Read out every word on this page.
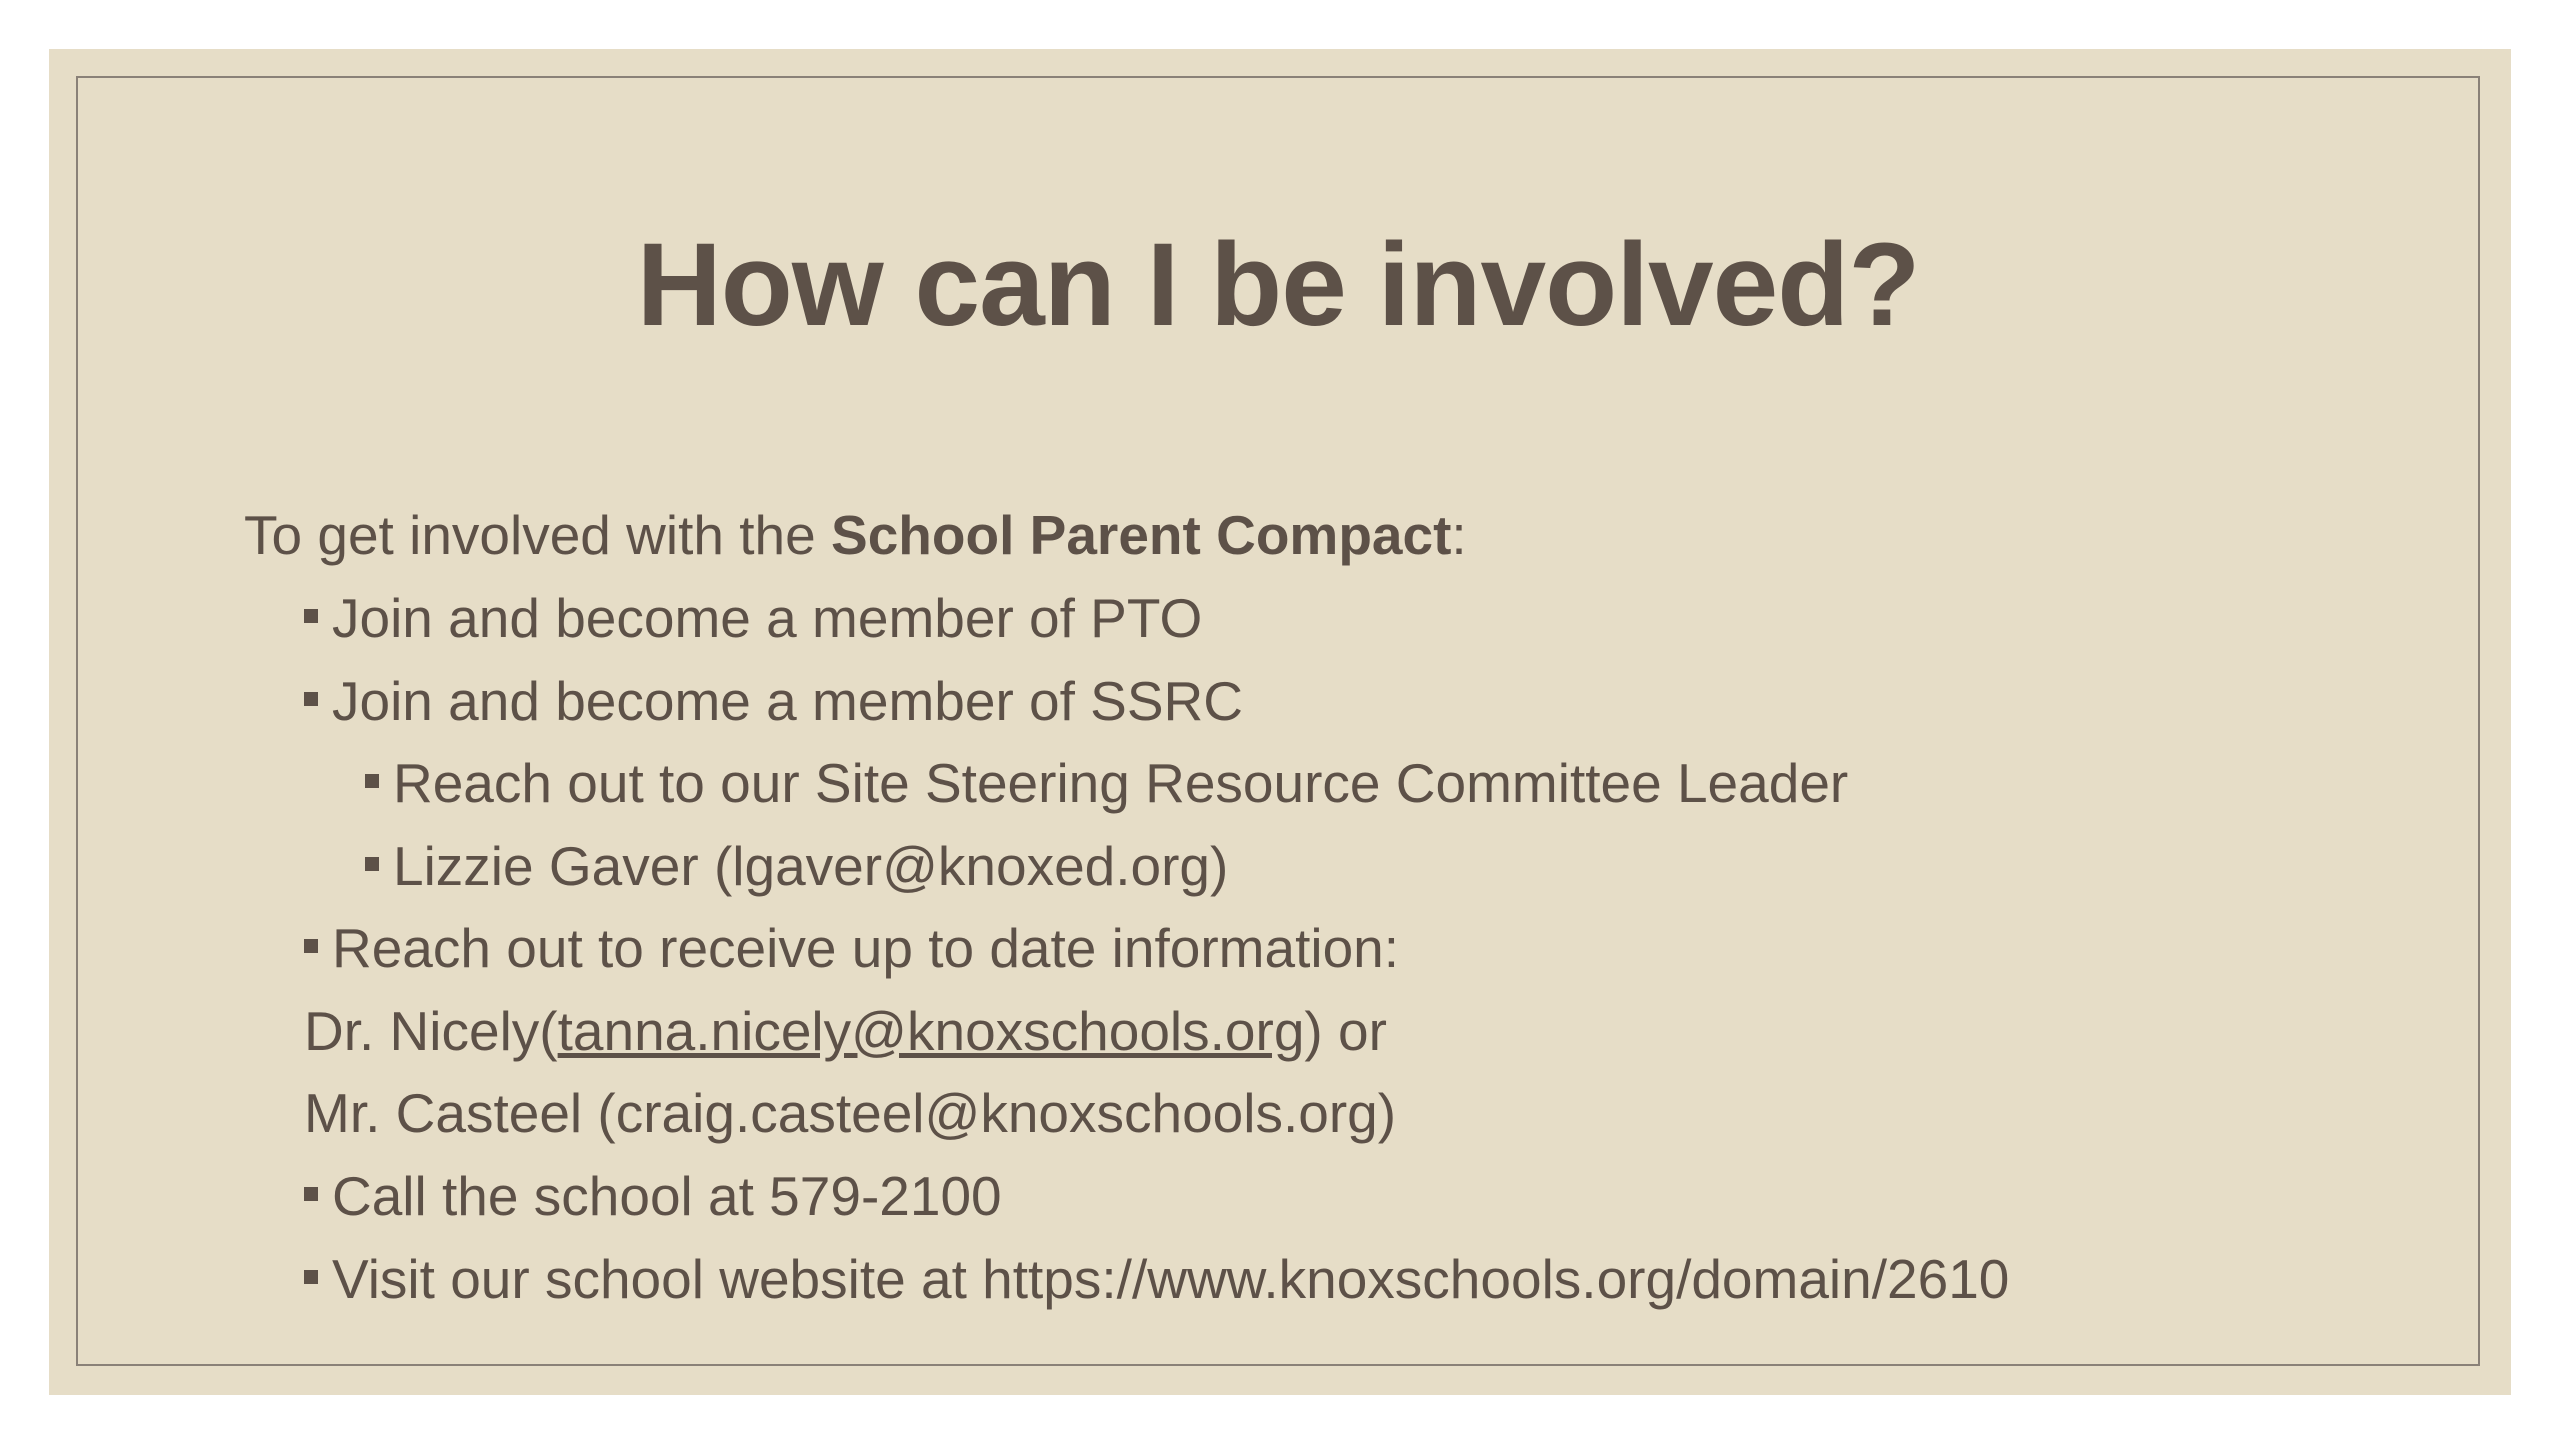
How can I be involved?
To get involved with the School Parent Compact:
Join and become a member of PTO
Join and become a member of SSRC
Reach out to our Site Steering Resource Committee Leader
Lizzie Gaver (lgaver@knoxed.org)
Reach out to receive up to date information:
Dr. Nicely(tanna.nicely@knoxschools.org) or
Mr. Casteel (craig.casteel@knoxschools.org)
Call the school at 579-2100
Visit our school website at https://www.knoxschools.org/domain/2610
